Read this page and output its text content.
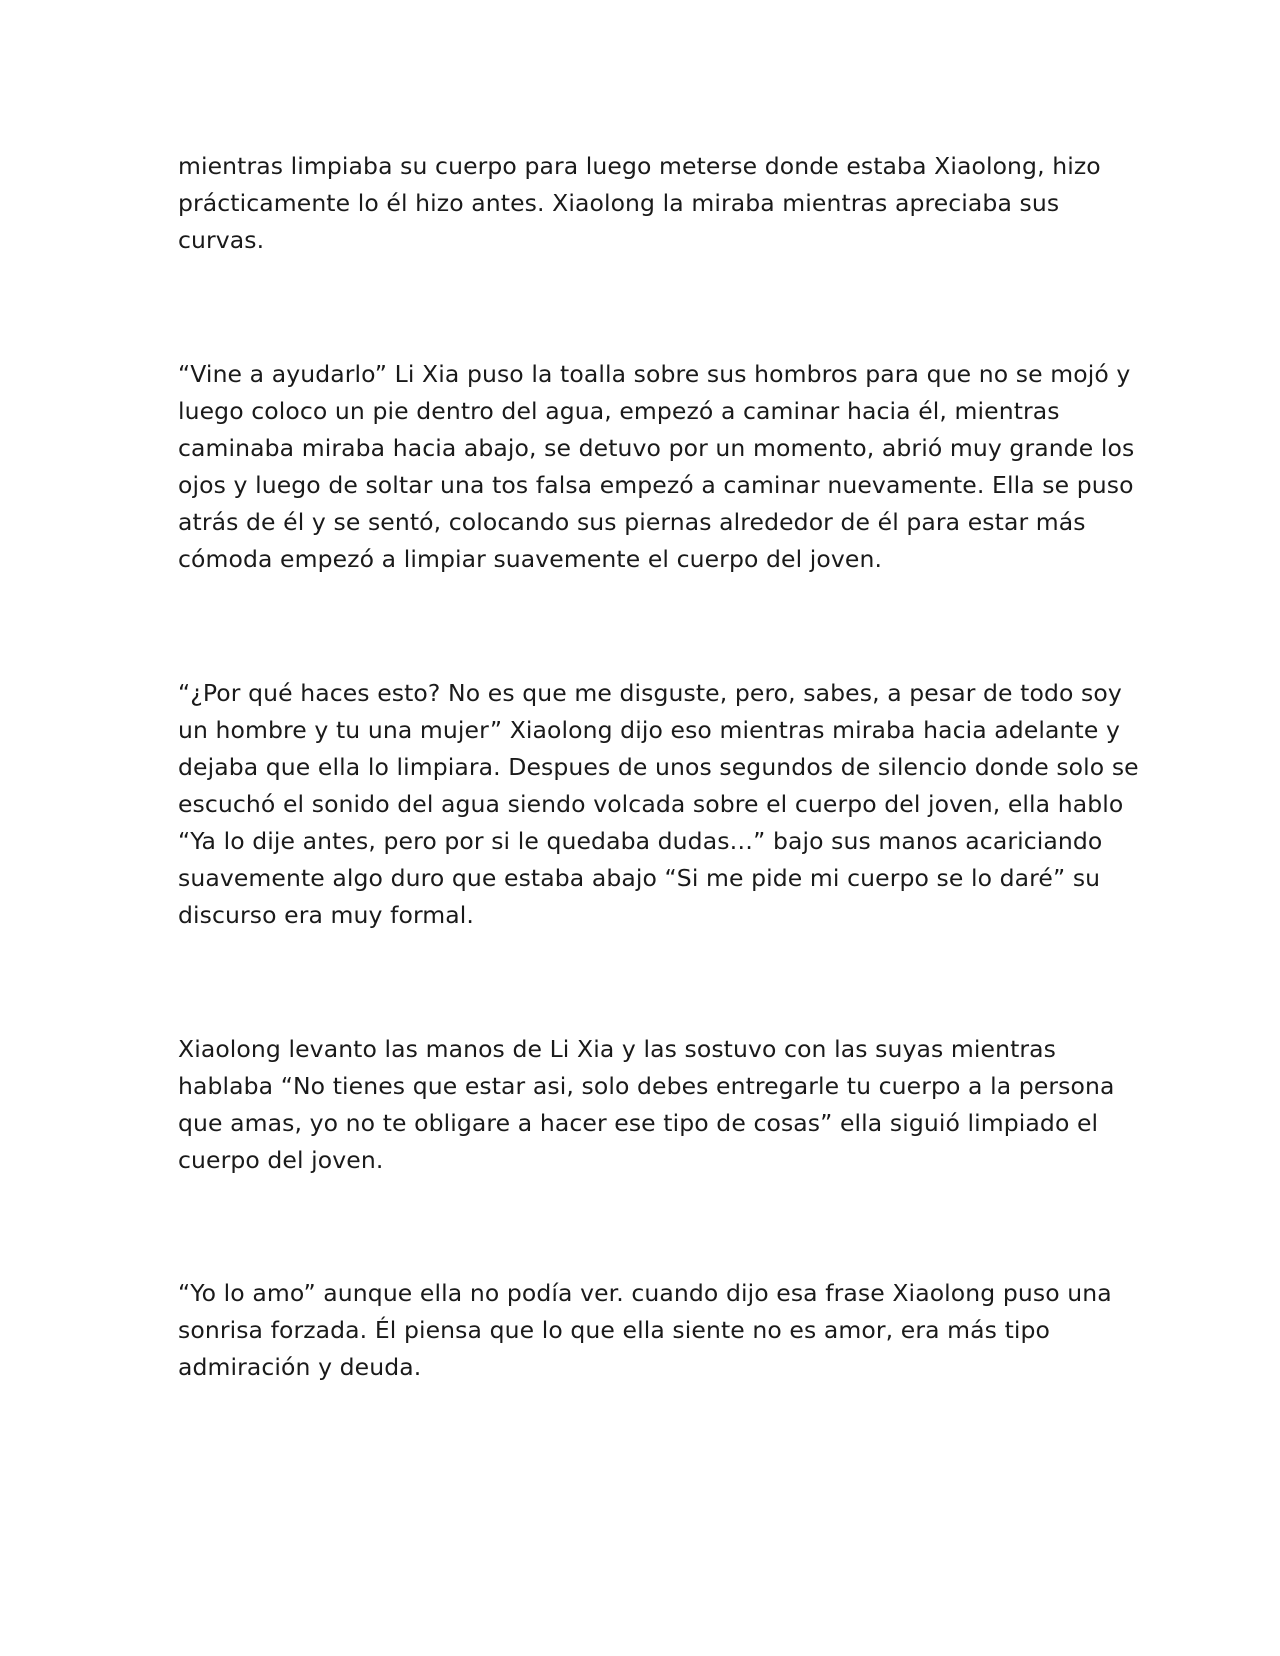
mientras limpiaba su cuerpo para luego meterse donde estaba Xiaolong, hizo
prácticamente lo él hizo antes. Xiaolong la miraba mientras apreciaba sus
curvas.

“Vine a ayudarlo” Li Xia puso la toalla sobre sus hombros para que no se mojó y
luego coloco un pie dentro del agua, empezó a caminar hacia él, mientras
caminaba miraba hacia abajo, se detuvo por un momento, abrió muy grande los
ojos y luego de soltar una tos falsa empezó a caminar nuevamente. Ella se puso
atrás de él y se sentó, colocando sus piernas alrededor de él para estar más
cómoda empezó a limpiar suavemente el cuerpo del joven.

“¿Por qué haces esto? No es que me disguste, pero, sabes, a pesar de todo soy
un hombre y tu una mujer” Xiaolong dijo eso mientras miraba hacia adelante y
dejaba que ella lo limpiara. Despues de unos segundos de silencio donde solo se
escuchó el sonido del agua siendo volcada sobre el cuerpo del joven, ella hablo
“Ya lo dije antes, pero por si le quedaba dudas…” bajo sus manos acariciando
suavemente algo duro que estaba abajo “Si me pide mi cuerpo se lo daré” su
discurso era muy formal.

Xiaolong levanto las manos de Li Xia y las sostuvo con las suyas mientras
hablaba “No tienes que estar asi, solo debes entregarle tu cuerpo a la persona
que amas, yo no te obligare a hacer ese tipo de cosas” ella siguió limpiado el
cuerpo del joven.

“Yo lo amo” aunque ella no podía ver. cuando dijo esa frase Xiaolong puso una
sonrisa forzada. Él piensa que lo que ella siente no es amor, era más tipo
admiración y deuda.
